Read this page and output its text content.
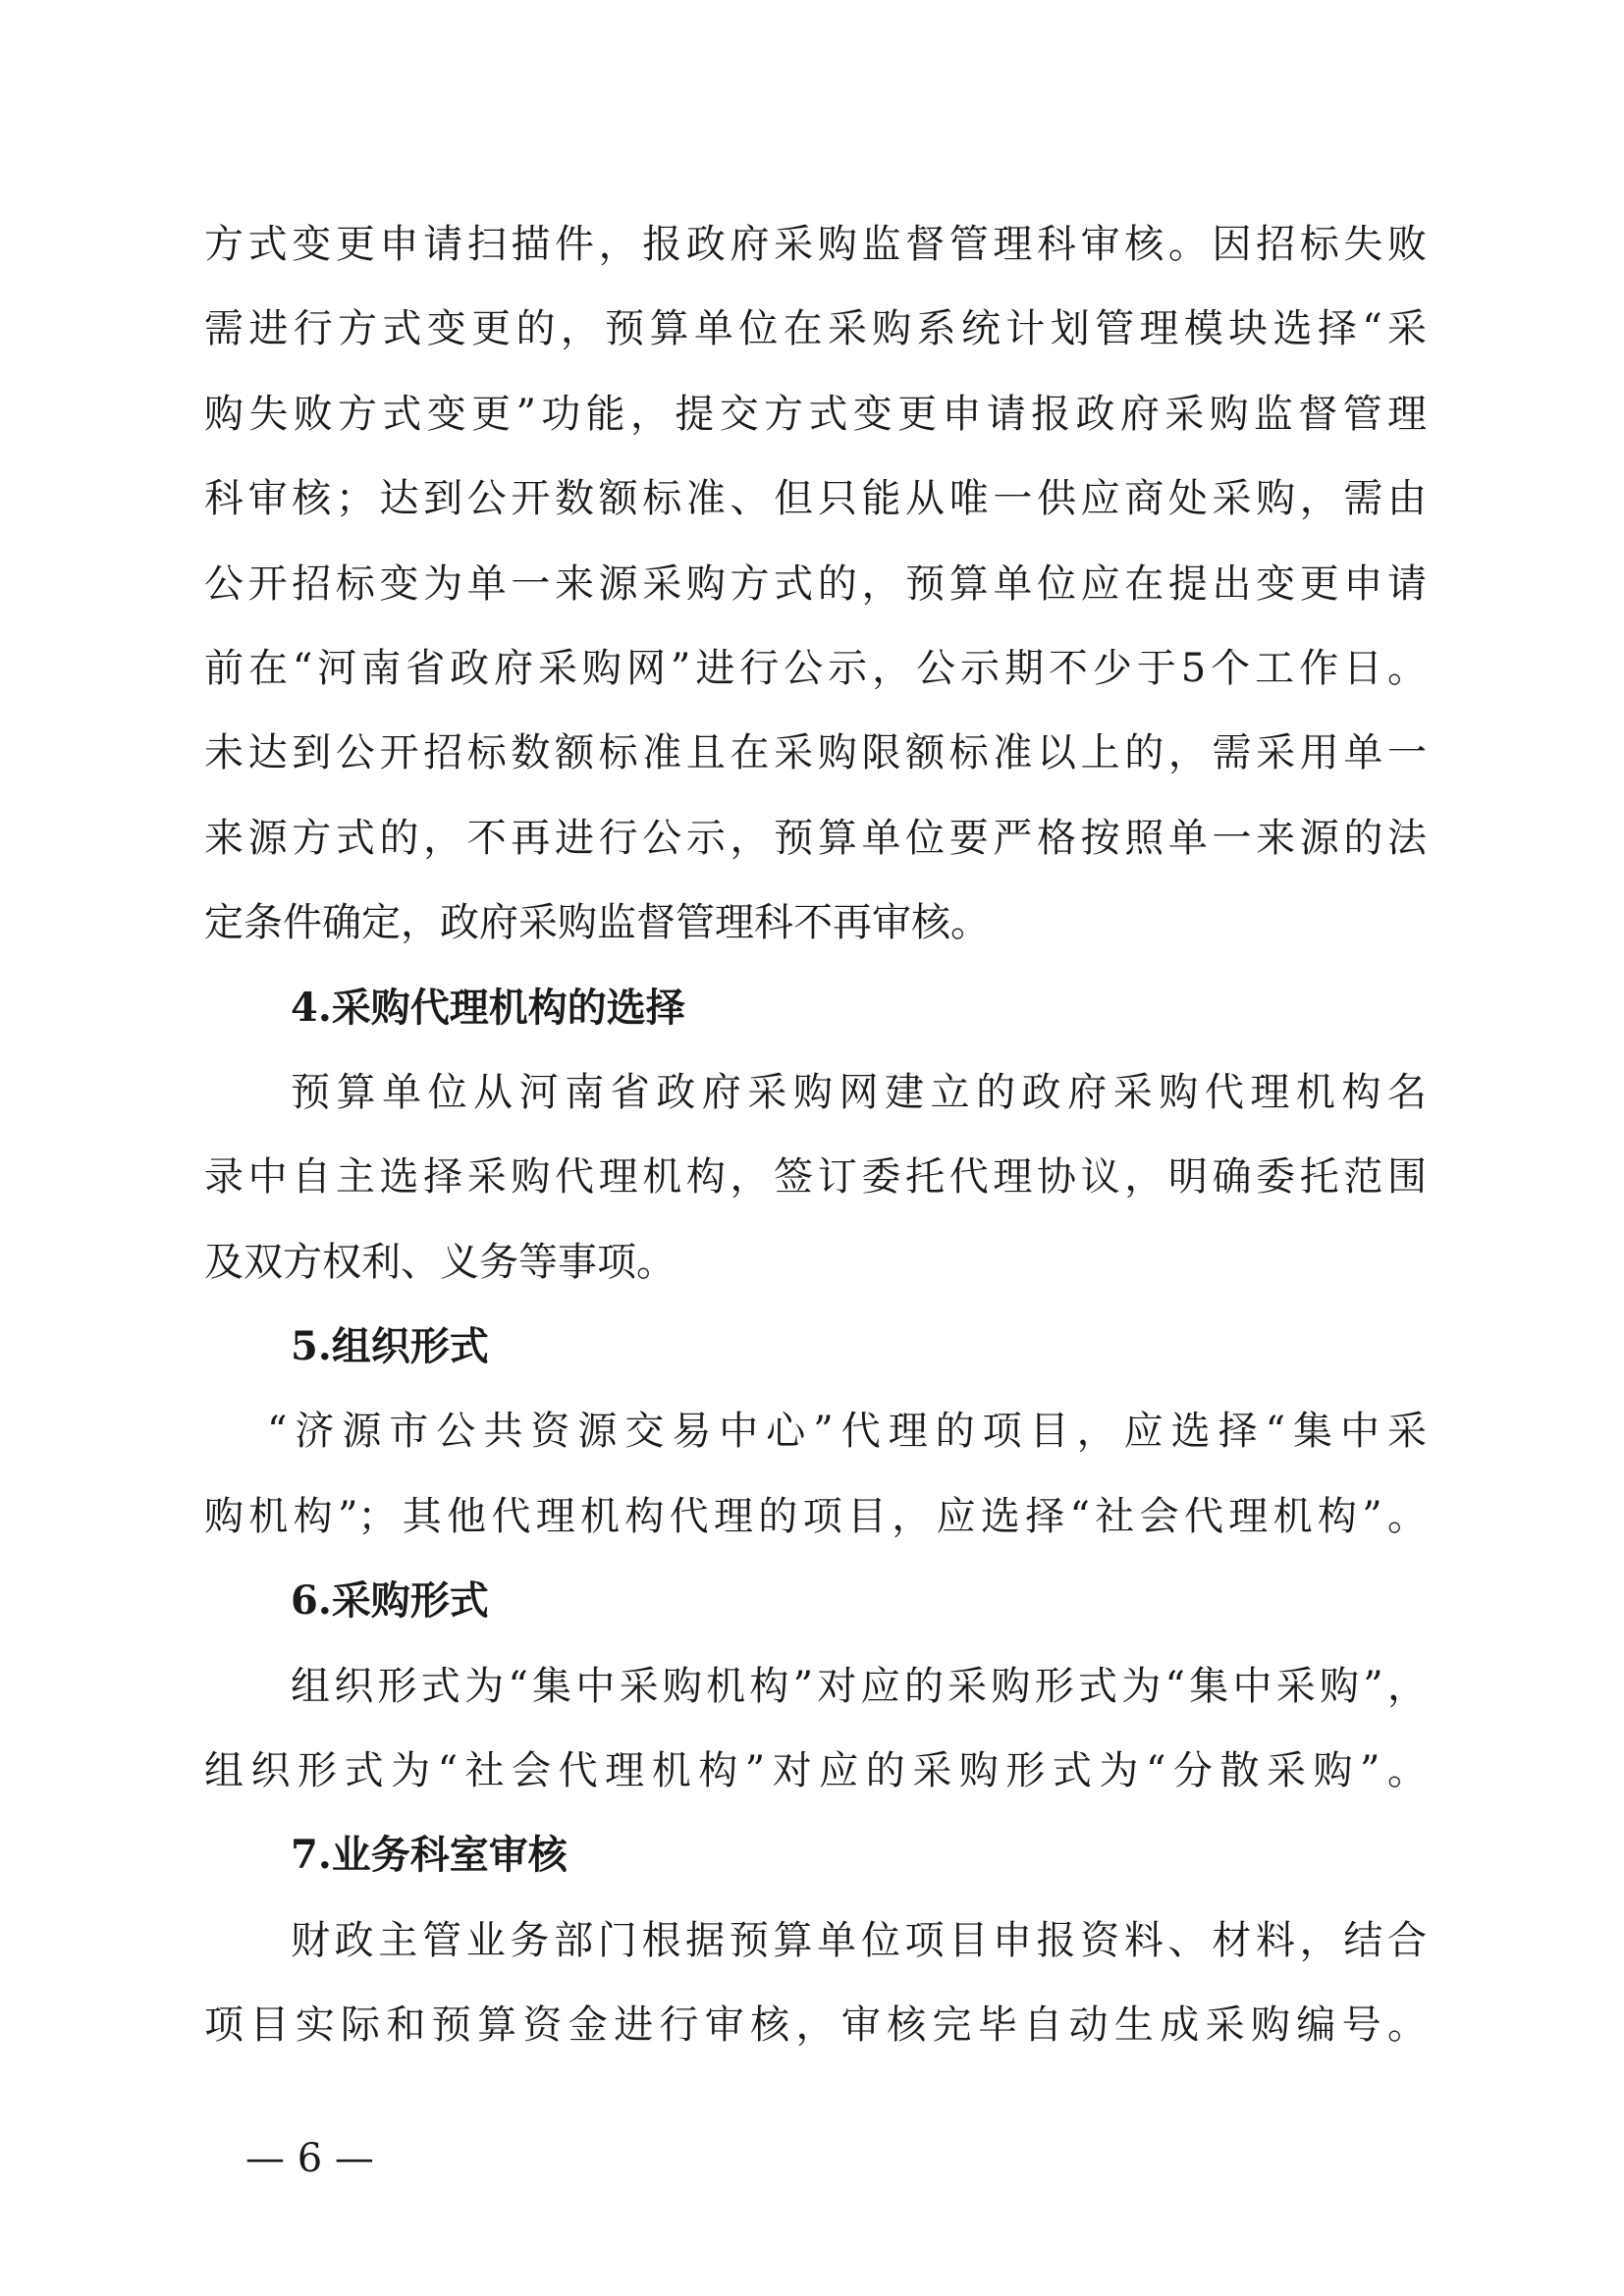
方式变更申请扫描件，报政府采购监督管理科审核。因招标失败
需进行方式变更的，预算单位在采购系统计划管理模块选择“采
购失败方式变更”功能，提交方式变更申请报政府采购监督管理
科审核；达到公开数额标准、但只能从唯一供应商处采购，需由
公开招标变为单一来源采购方式的，预算单位应在提出变更申请
前在“河南省政府采购网”进行公示，公示期不少于5个工作日。
未达到公开招标数额标准且在采购限额标准以上的，需采用单一
来源方式的，不再进行公示，预算单位要严格按照单一来源的法
定条件确定，政府采购监督管理科不再审核。
4.采购代理机构的选择
预算单位从河南省政府采购网建立的政府采购代理机构名
录中自主选择采购代理机构，签订委托代理协议，明确委托范围
及双方权利、义务等事项。
5.组织形式
“济源市公共资源交易中心”代理的项目，应选择“集中采
购机构”；其他代理机构代理的项目，应选择“社会代理机构”。
6.采购形式
组织形式为“集中采购机构”对应的采购形式为“集中采购”，
组织形式为“社会代理机构”对应的采购形式为“分散采购”。
7.业务科室审核
财政主管业务部门根据预算单位项目申报资料、材料，结合
项目实际和预算资金进行审核，审核完毕自动生成采购编号。
— 6 —
